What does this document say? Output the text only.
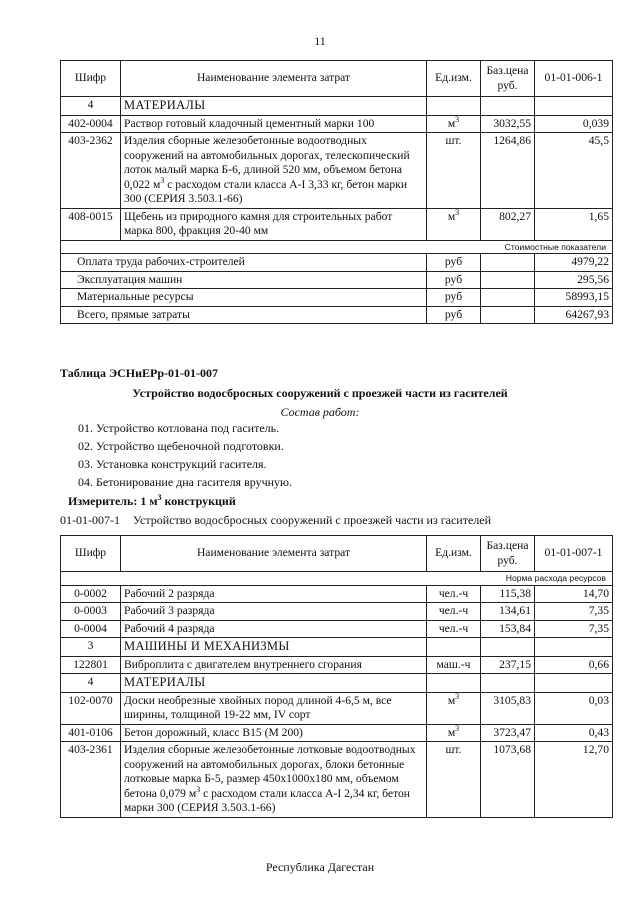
11
Шифр	Наименование элемента затрат	Ед.изм.	Баз.цена руб.	01-01-006-1
4	МАТЕРИАЛЫ			
402-0004	Раствор готовый кладочный цементный марки 100	$м^3$	3032,55	0,039
403-2362	Изделия сборные железобетонные водоотводных сооружений на автомобильных дорогах, телескопический лоток малый марка Б-6, длиной 520 мм, объемом бетона 0,022 $м^3$ с расходом стали класса А-I 3,33 кг, бетон марки 300 (СЕРИЯ 3.503.1-66)	шт.	1264,86	45,5
408-0015	Щебень из природного камня для строительных работ марка 800, фракция 20-40 мм	$м^3$	802,27	1,65
Стоимостные показатели				
Оплата труда рабочих-строителей		руб		4979,22
Эксплуатация машин		руб		295,56
Материальные ресурсы		руб		58993,15
Всего, прямые затраты		руб		64267,93
Таблица ЭСНиЕРр-01-01-007
Устройство водосбросных сооружений с проезжей части из гасителей
Состав работ:
01. Устройство котлована под гаситель.
02. Устройство щебеночной подготовки.
03. Установка конструкций гасителя.
04. Бетонирование дна гасителя вручную.
Измеритель: 1 $м^3$ конструкций
01-01-007-1 Устройство водосбросных сооружений с проезжей части из гасителей
Шифр	Наименование элемента затрат	Ед.изм.	Баз.цена руб.	01-01-007-1
	Норма расхода ресурсов			
0-0002	Рабочий 2 разряда	чел.-ч	115,38	14,70
0-0003	Рабочий 3 разряда	чел.-ч	134,61	7,35
0-0004	Рабочий 4 разряда	чел.-ч	153,84	7,35
3	МАШИНЫ И МЕХАНИЗМЫ			
122801	Виброплита с двигателем внутреннего сгорания	маш.-ч	237,15	0,66
4	МАТЕРИАЛЫ			
102-0070	Доски необрезные хвойных пород длиной 4-6,5 м, все ширины, толщиной 19-22 мм, IV сорт	$м^3$	3105,83	0,03
401-0106	Бетон дорожный, класс В15 (М 200)	$м^3$	3723,47	0,43
403-2361	Изделия сборные железобетонные лотковые водоотводных сооружений на автомобильных дорогах, блоки бетонные лотковые марка Б-5, размер 450х1000х180 мм, объемом бетона 0,079 $м^3$ с расходом стали класса А-I 2,34 кг, бетон марки 300 (СЕРИЯ 3.503.1-66)	шт.	1073,68	12,70
Республика Дагестан
